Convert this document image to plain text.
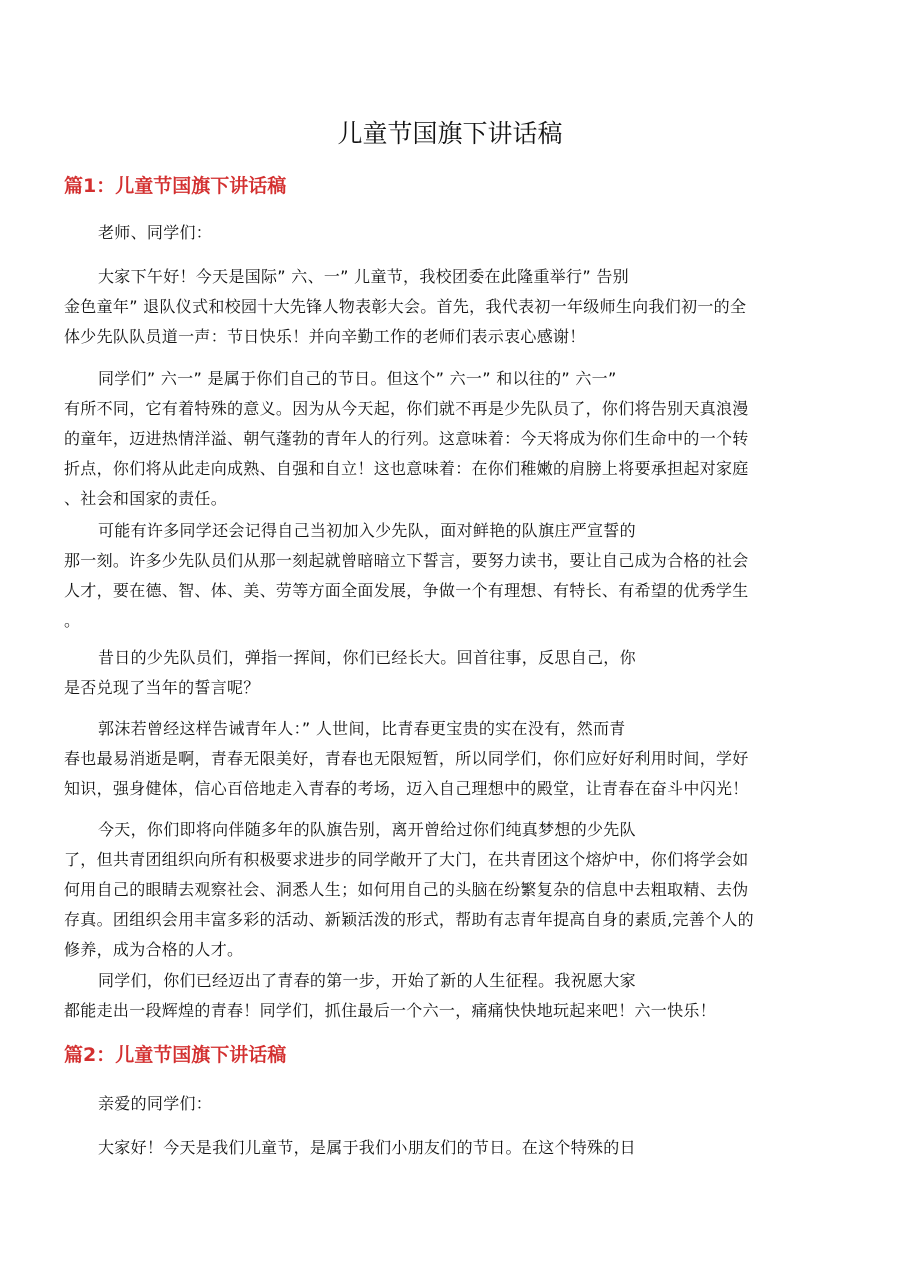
儿童节国旗下讲话稿
篇1：儿童节国旗下讲话稿

老师、同学们：

大家下午好！今天是国际” 六、一” 儿童节，我校团委在此隆重举行” 告别
金色童年” 退队仪式和校园十大先锋人物表彰大会。首先，我代表初一年级师生向我们初一的全
体少先队队员道一声：节日快乐！并向辛勤工作的老师们表示衷心感谢！

同学们” 六一” 是属于你们自己的节日。但这个” 六一” 和以往的” 六一”
有所不同，它有着特殊的意义。因为从今天起，你们就不再是少先队员了，你们将告别天真浪漫
的童年，迈进热情洋溢、朝气蓬勃的青年人的行列。这意味着：今天将成为你们生命中的一个转
折点，你们将从此走向成熟、自强和自立！这也意味着：在你们稚嫩的肩膀上将要承担起对家庭
、社会和国家的责任。

可能有许多同学还会记得自己当初加入少先队，面对鲜艳的队旗庄严宣誓的
那一刻。许多少先队员们从那一刻起就曾暗暗立下誓言，要努力读书，要让自己成为合格的社会
人才，要在德、智、体、美、劳等方面全面发展，争做一个有理想、有特长、有希望的优秀学生
。

昔日的少先队员们，弹指一挥间，你们已经长大。回首往事，反思自己，你
是否兑现了当年的誓言呢？

郭沫若曾经这样告诫青年人：” 人世间，比青春更宝贵的实在没有，然而青
春也最易消逝是啊，青春无限美好，青春也无限短暂，所以同学们，你们应好好利用时间，学好
知识，强身健体，信心百倍地走入青春的考场，迈入自己理想中的殿堂，让青春在奋斗中闪光！

今天，你们即将向伴随多年的队旗告别，离开曾给过你们纯真梦想的少先队
了，但共青团组织向所有积极要求进步的同学敞开了大门，在共青团这个熔炉中，你们将学会如
何用自己的眼睛去观察社会、洞悉人生；如何用自己的头脑在纷繁复杂的信息中去粗取精、去伪
存真。团组织会用丰富多彩的活动、新颖活泼的形式，帮助有志青年提高自身的素质,完善个人的
修养，成为合格的人才。

同学们，你们已经迈出了青春的第一步，开始了新的人生征程。我祝愿大家
都能走出一段辉煌的青春！同学们，抓住最后一个六一，痛痛快快地玩起来吧！六一快乐！

篇2：儿童节国旗下讲话稿

亲爱的同学们：

大家好！今天是我们儿童节，是属于我们小朋友们的节日。在这个特殊的日
